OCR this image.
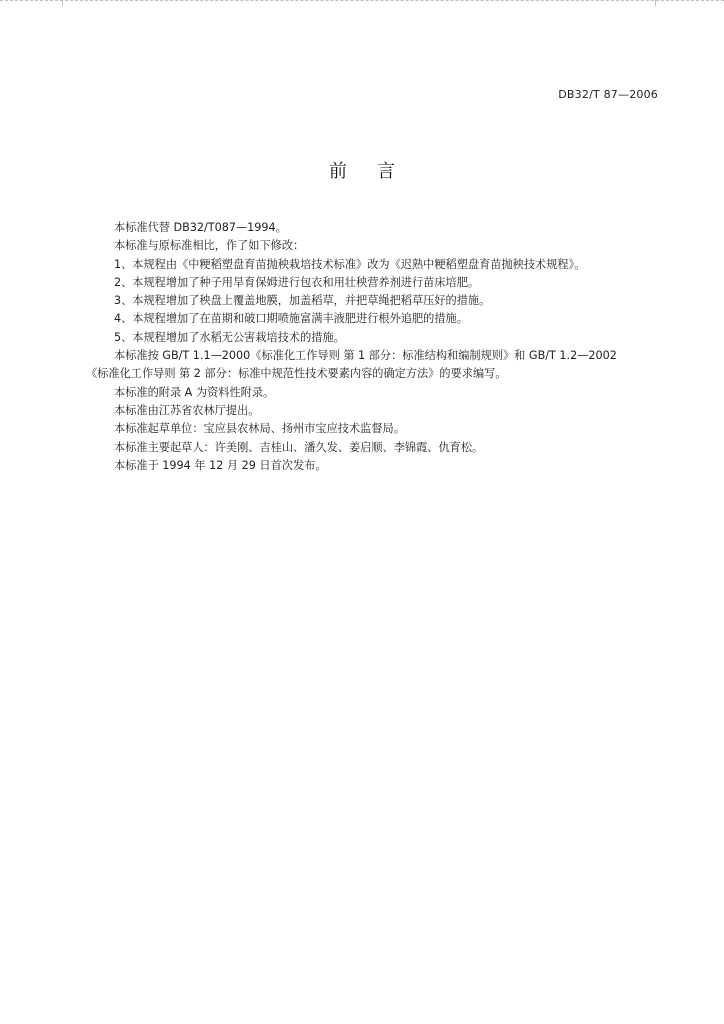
DB32/T 87—2006
前言
本标准代替 DB32/T087—1994。
本标准与原标准相比，作了如下修改：
1、本规程由《中粳稻塑盘育苗抛秧栽培技术标准》改为《迟熟中粳稻塑盘育苗抛秧技术规程》。
2、本规程增加了种子用旱育保姆进行包衣和用壮秧营养剂进行苗床培肥。
3、本规程增加了秧盘上覆盖地膜，加盖稻草，并把草绳把稻草压好的措施。
4、本规程增加了在苗期和破口期喷施富满丰液肥进行根外追肥的措施。
5、本规程增加了水稻无公害栽培技术的措施。
本标准按 GB/T 1.1—2000《标准化工作导则 第 1 部分：标准结构和编制规则》和 GB/T 1.2—2002
《标准化工作导则 第 2 部分：标准中规范性技术要素内容的确定方法》的要求编写。
本标准的附录 A 为资料性附录。
本标准由江苏省农林厅提出。
本标准起草单位：宝应县农林局、扬州市宝应技术监督局。
本标准主要起草人：许美刚、吉桂山、潘久发、姜启顺、李锦霞、仇育松。
本标准于 1994 年 12 月 29 日首次发布。
